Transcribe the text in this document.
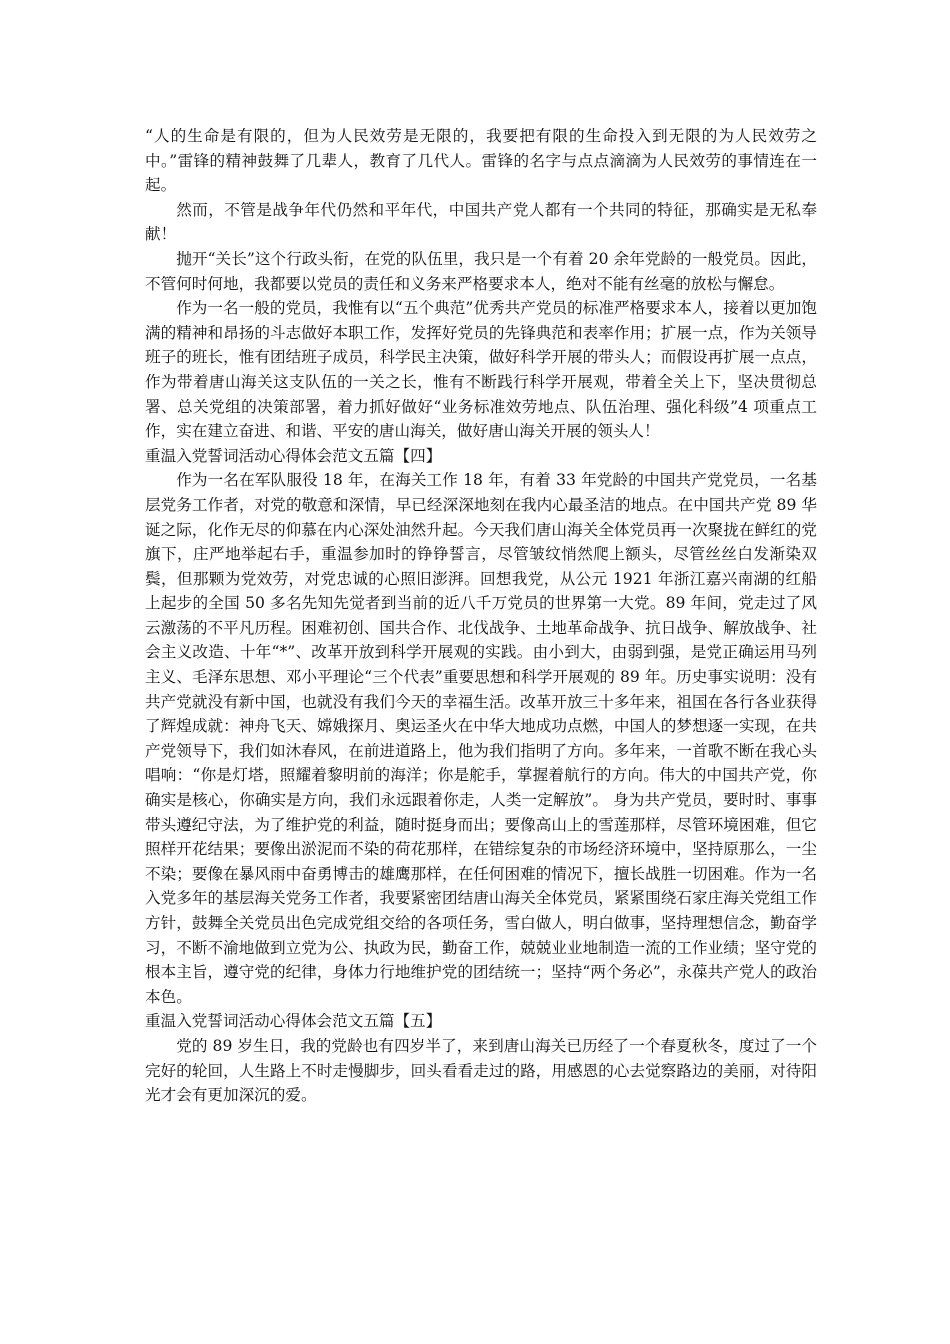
“人的生命是有限的，但为人民效劳是无限的，我要把有限的生命投入到无限的为人民效劳之中。”雷锋的精神鼓舞了几辈人，教育了几代人。雷锋的名字与点点滴滴为人民效劳的事情连在一起。

然而，不管是战争年代仍然和平年代，中国共产党人都有一个共同的特征，那确实是无私奉献！

抛开“关长”这个行政头衔，在党的队伍里，我只是一个有着 20 余年党龄的一般党员。因此，不管何时何地，我都要以党员的责任和义务来严格要求本人，绝对不能有丝毫的放松与懈怠。

作为一名一般的党员，我惟有以“五个典范”优秀共产党员的标准严格要求本人，接着以更加饱满的精神和昂扬的斗志做好本职工作，发挥好党员的先锋典范和表率作用；扩展一点，作为关领导班子的班长，惟有团结班子成员，科学民主决策，做好科学开展的带头人；而假设再扩展一点点，作为带着唐山海关这支队伍的一关之长，惟有不断践行科学开展观，带着全关上下，坚决贯彻总署、总关党组的决策部署，着力抓好做好“业务标准效劳地点、队伍治理、强化科级”4 项重点工作，实在建立奋进、和谐、平安的唐山海关，做好唐山海关开展的领头人！

重温入党誓词活动心得体会范文五篇【四】

作为一名在军队服役 18 年，在海关工作 18 年，有着 33 年党龄的中国共产党党员，一名基层党务工作者，对党的敬意和深情，早已经深深地刻在我内心最圣洁的地点。在中国共产党 89 华诞之际，化作无尽的仰慕在内心深处油然升起。今天我们唐山海关全体党员再一次聚拢在鲜红的党旗下，庄严地举起右手，重温参加时的铮铮誓言，尽管皱纹悄然爬上额头，尽管丝丝白发渐染双鬓，但那颗为党效劳，对党忠诚的心照旧澎湃。回想我党，从公元 1921 年浙江嘉兴南湖的红船上起步的全国 50 多名先知先觉者到当前的近八千万党员的世界第一大党。89 年间，党走过了风云激荡的不平凡历程。困难初创、国共合作、北伐战争、土地革命战争、抗日战争、解放战争、社会主义改造、十年“*”、改革开放到科学开展观的实践。由小到大，由弱到强，是党正确运用马列主义、毛泽东思想、邓小平理论“三个代表”重要思想和科学开展观的 89 年。历史事实说明：没有共产党就没有新中国，也就没有我们今天的幸福生活。改革开放三十多年来，祖国在各行各业获得了辉煌成就：神舟飞天、嫦娥探月、奥运圣火在中华大地成功点燃，中国人的梦想逐一实现，在共产党领导下，我们如沐春风，在前进道路上，他为我们指明了方向。多年来，一首歌不断在我心头唱响：“你是灯塔，照耀着黎明前的海洋；你是舵手，掌握着航行的方向。伟大的中国共产党，你确实是核心，你确实是方向，我们永远跟着你走，人类一定解放”。 身为共产党员，要时时、事事带头遵纪守法，为了维护党的利益，随时挺身而出；要像高山上的雪莲那样，尽管环境困难，但它照样开花结果；要像出淤泥而不染的荷花那样，在错综复杂的市场经济环境中，坚持原那么，一尘不染；要像在暴风雨中奋勇博击的雄鹰那样，在任何困难的情况下，擅长战胜一切困难。作为一名入党多年的基层海关党务工作者，我要紧密团结唐山海关全体党员，紧紧围绕石家庄海关党组工作方针，鼓舞全关党员出色完成党组交给的各项任务，雪白做人，明白做事，坚持理想信念，勤奋学习，不断不渝地做到立党为公、执政为民，勤奋工作，兢兢业业地制造一流的工作业绩；坚守党的根本主旨，遵守党的纪律，身体力行地维护党的团结统一；坚持“两个务必”，永葆共产党人的政治本色。

重温入党誓词活动心得体会范文五篇【五】

党的 89 岁生日，我的党龄也有四岁半了，来到唐山海关已历经了一个春夏秋冬，度过了一个完好的轮回，人生路上不时走慢脚步，回头看看走过的路，用感恩的心去觉察路边的美丽，对待阳光才会有更加深沉的爱。
